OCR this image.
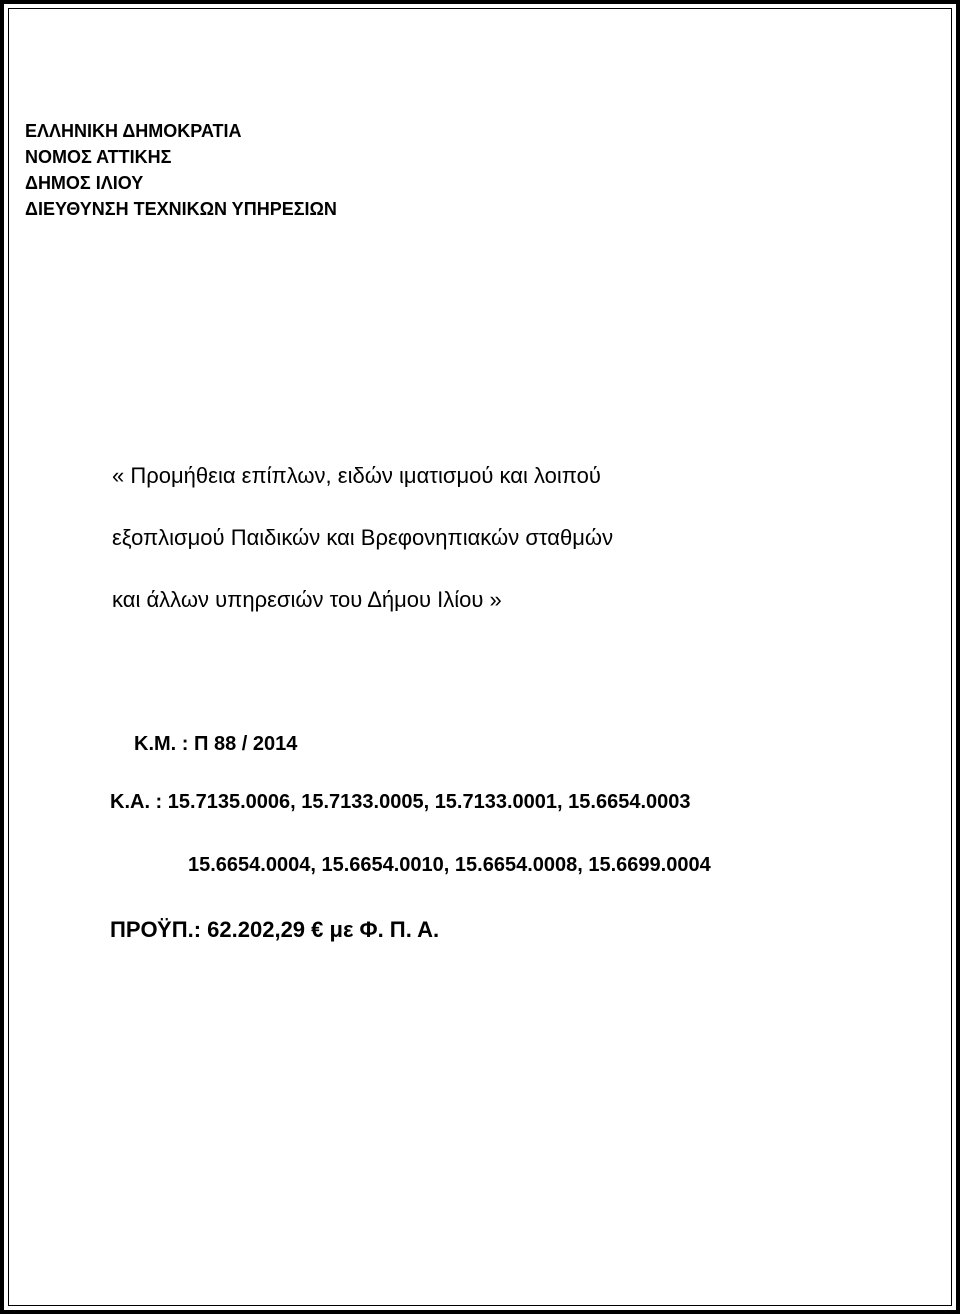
ΕΛΛΗΝΙΚΗ ΔΗΜΟΚΡΑΤΙΑ
ΝΟΜΟΣ ΑΤΤΙΚΗΣ
ΔΗΜΟΣ ΙΛΙΟΥ
ΔΙΕΥΘΥΝΣΗ ΤΕΧΝΙΚΩΝ ΥΠΗΡΕΣΙΩΝ
« Προμήθεια επίπλων, ειδών ιματισμού και λοιπού
εξοπλισμού Παιδικών και Βρεφονηπιακών σταθμών
και άλλων υπηρεσιών του Δήμου Ιλίου »
Κ.Μ. : Π 88 / 2014
Κ.Α. : 15.7135.0006, 15.7133.0005, 15.7133.0001, 15.6654.0003
15.6654.0004, 15.6654.0010, 15.6654.0008, 15.6699.0004
ΠΡΟΫΠ.: 62.202,29 € με Φ. Π. Α.
